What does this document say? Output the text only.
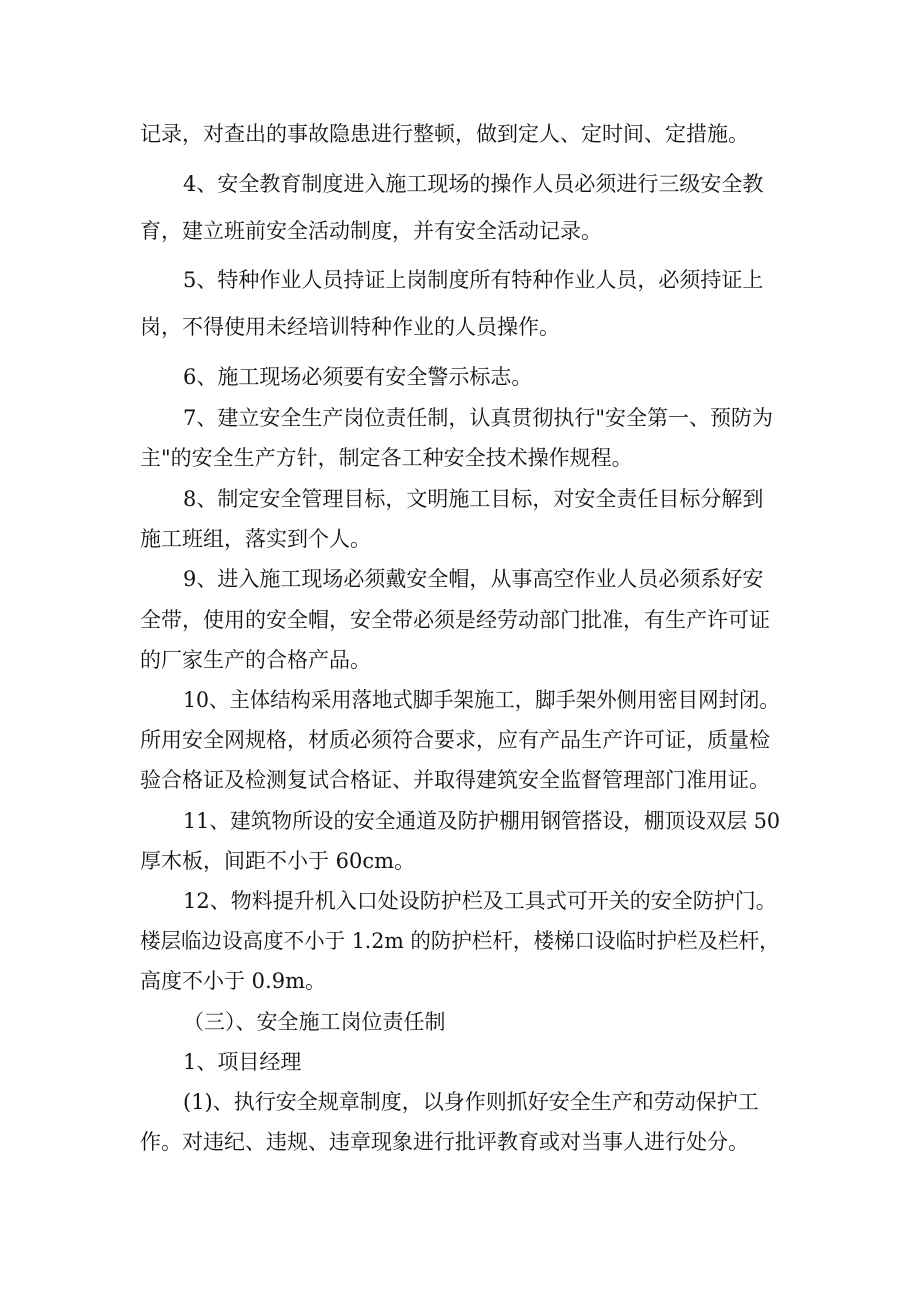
记录，对查出的事故隐患进行整顿，做到定人、定时间、定措施。
4、安全教育制度进入施工现场的操作人员必须进行三级安全教
育，建立班前安全活动制度，并有安全活动记录。
5、特种作业人员持证上岗制度所有特种作业人员，必须持证上
岗，不得使用未经培训特种作业的人员操作。
6、施工现场必须要有安全警示标志。
7、建立安全生产岗位责任制，认真贯彻执行"安全第一、预防为
主"的安全生产方针，制定各工种安全技术操作规程。
8、制定安全管理目标，文明施工目标，对安全责任目标分解到
施工班组，落实到个人。
9、进入施工现场必须戴安全帽，从事高空作业人员必须系好安
全带，使用的安全帽，安全带必须是经劳动部门批准，有生产许可证
的厂家生产的合格产品。
10、主体结构采用落地式脚手架施工，脚手架外侧用密目网封闭。
所用安全网规格，材质必须符合要求，应有产品生产许可证，质量检
验合格证及检测复试合格证、并取得建筑安全监督管理部门准用证。
11、建筑物所设的安全通道及防护棚用钢管搭设，棚顶设双层 50
厚木板，间距不小于 60cm。
12、物料提升机入口处设防护栏及工具式可开关的安全防护门。
楼层临边设高度不小于 1.2m 的防护栏杆，楼梯口设临时护栏及栏杆，
高度不小于 0.9m。
（三）、安全施工岗位责任制
1、项目经理
(1)、执行安全规章制度，以身作则抓好安全生产和劳动保护工
作。对违纪、违规、违章现象进行批评教育或对当事人进行处分。
